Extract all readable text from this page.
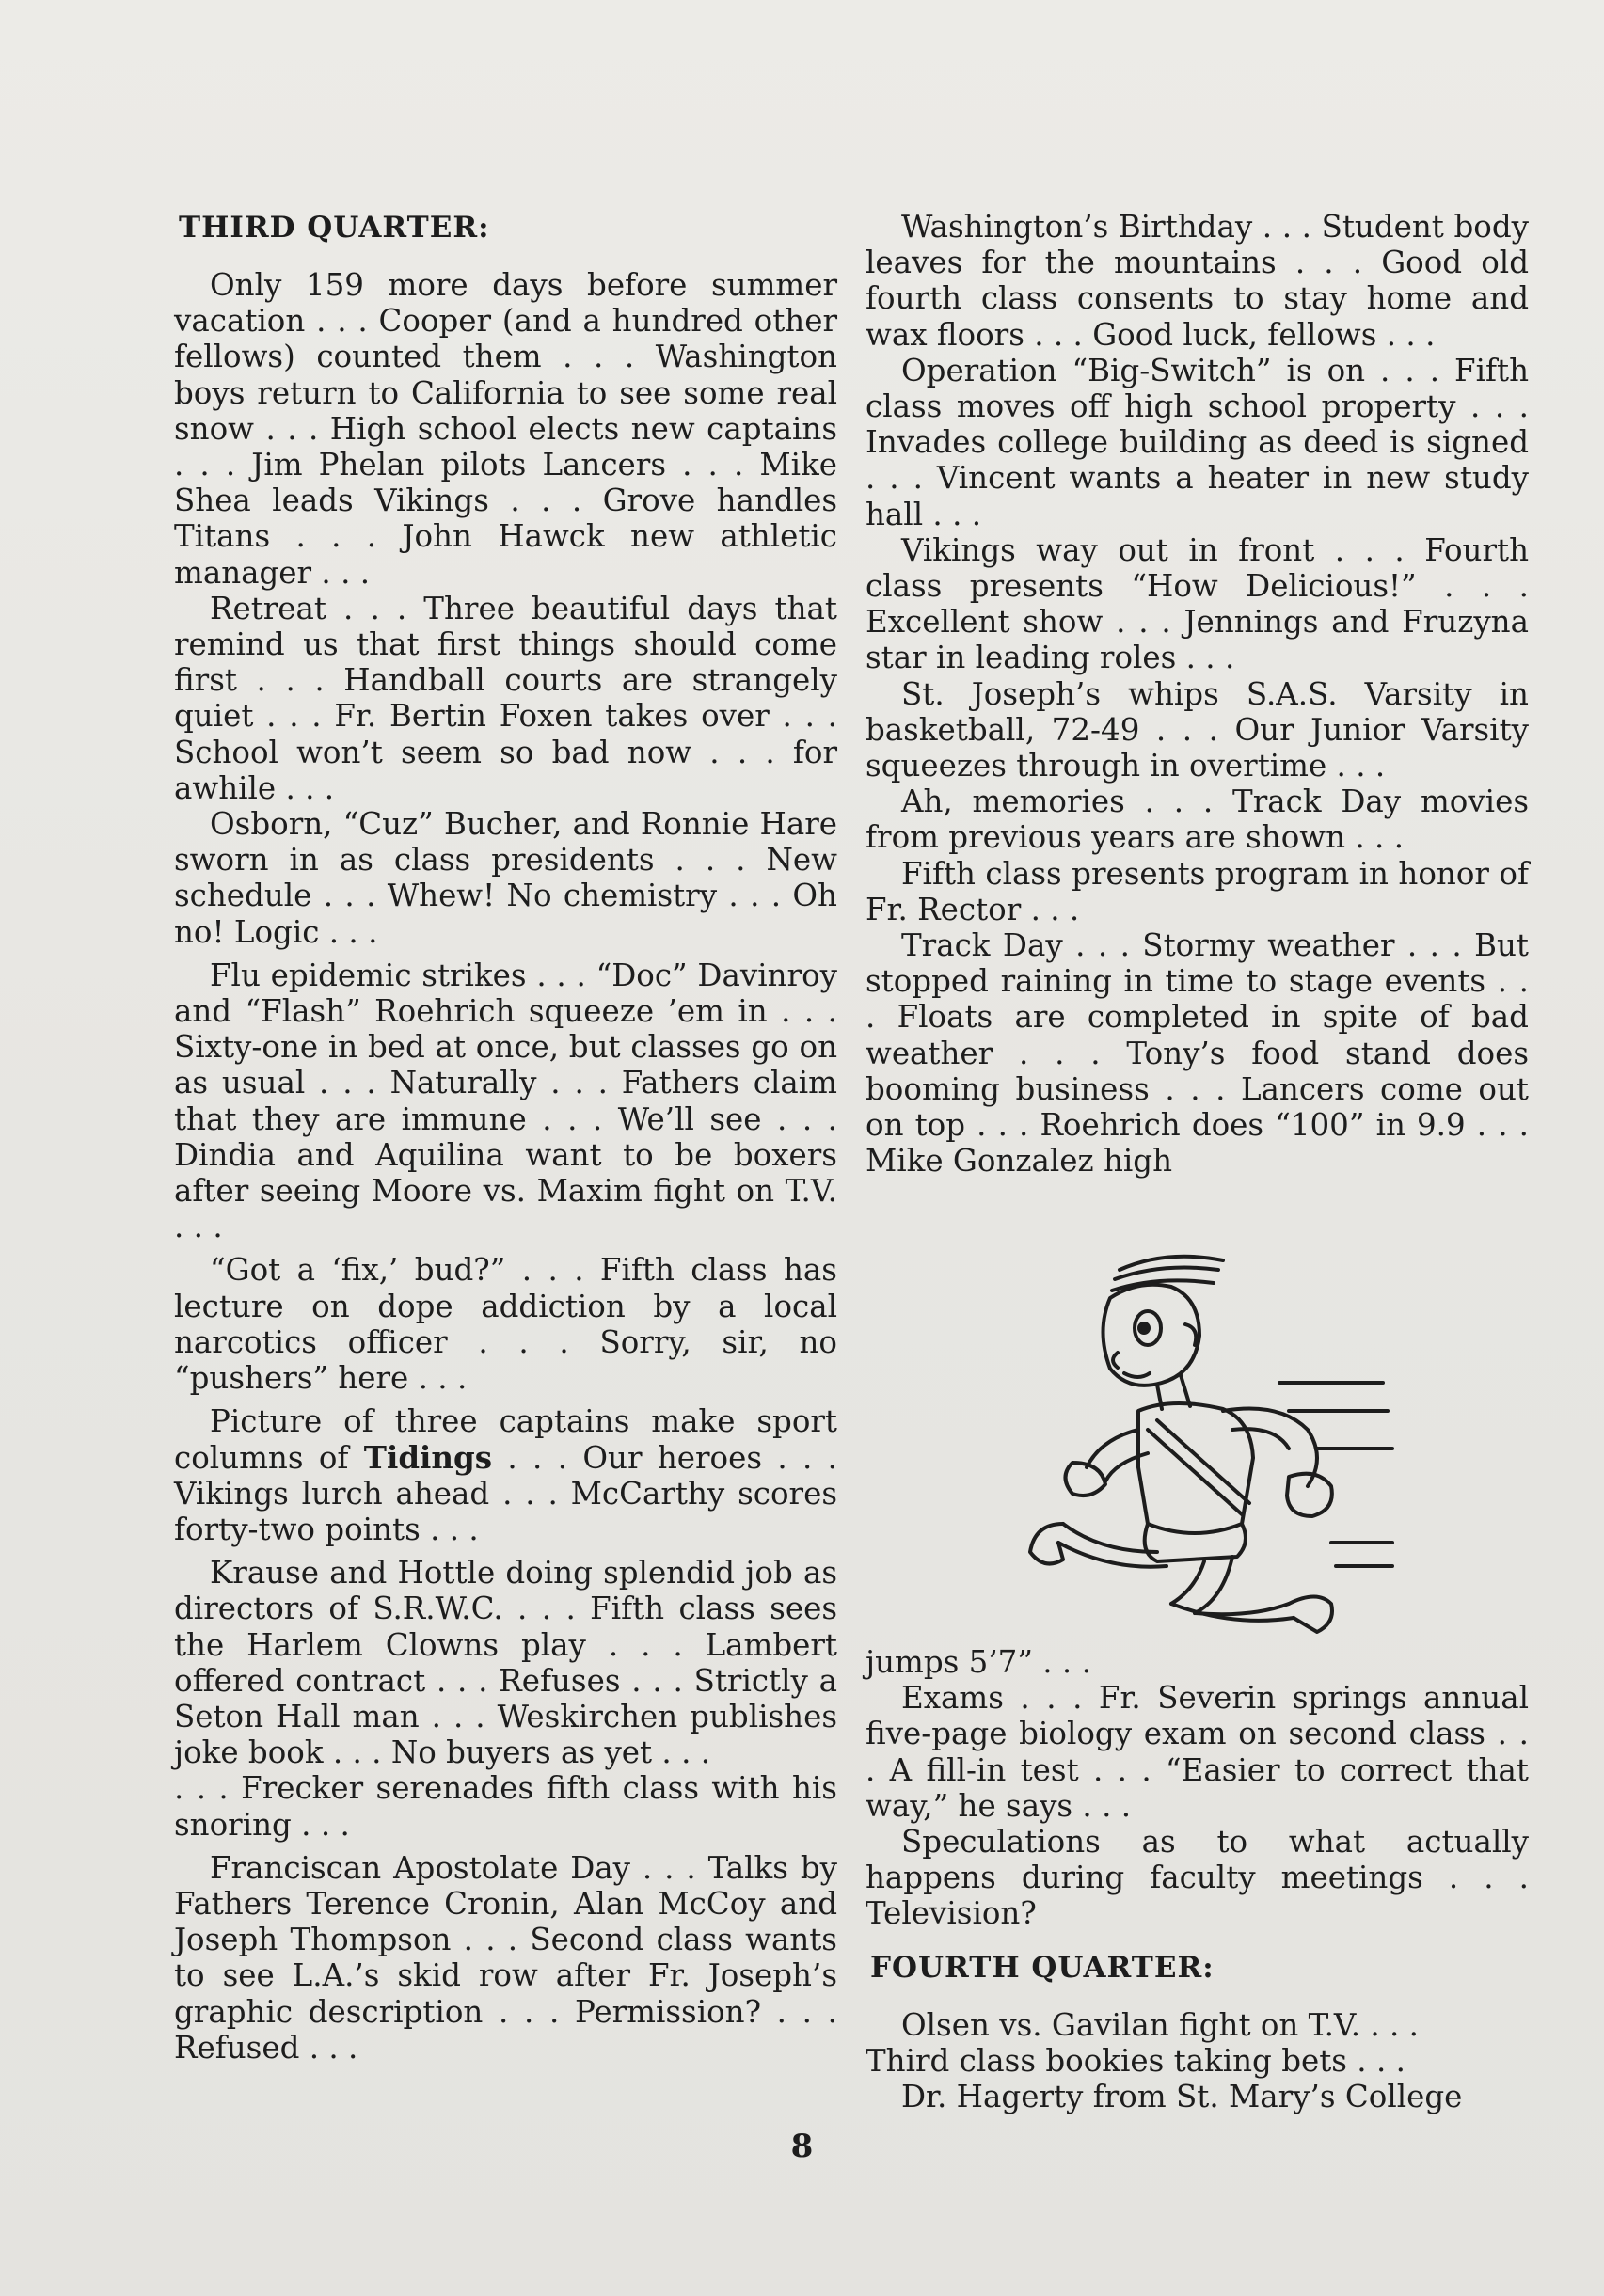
THIRD QUARTER:

Only 159 more days before summer vacation . . . Cooper (and a hundred other fellows) counted them . . . Washington boys return to California to see some real snow . . . High school elects new captains . . . Jim Phelan pilots Lancers . . . Mike Shea leads Vikings . . . Grove handles Titans . . . John Hawck new athletic manager . . .

Retreat . . . Three beautiful days that remind us that first things should come first . . . Handball courts are strangely quiet . . . Fr. Bertin Foxen takes over . . . School won’t seem so bad now . . . for awhile . . .

Osborn, “Cuz” Bucher, and Ronnie Hare sworn in as class presidents . . . New schedule . . . Whew! No chemistry . . . Oh no! Logic . . .

Flu epidemic strikes . . . “Doc” Davinroy and “Flash” Roehrich squeeze ’em in . . . Sixty-one in bed at once, but classes go on as usual . . . Naturally . . . Fathers claim that they are immune . . . We’ll see . . . Dindia and Aquilina want to be boxers after seeing Moore vs. Maxim fight on T.V. . . .

“Got a ‘fix,’ bud?” . . . Fifth class has lecture on dope addiction by a local narcotics officer . . . Sorry, sir, no “pushers” here . . .

Picture of three captains make sport columns of Tidings . . . Our heroes . . . Vikings lurch ahead . . . McCarthy scores forty-two points . . .

Krause and Hottle doing splendid job as directors of S.R.W.C. . . . Fifth class sees the Harlem Clowns play . . . Lambert offered contract . . . Refuses . . . Strictly a Seton Hall man . . . Weskirchen publishes joke book . . . No buyers as yet . . .

. . . Frecker serenades fifth class with his snoring . . .

Franciscan Apostolate Day . . . Talks by Fathers Terence Cronin, Alan McCoy and Joseph Thompson . . . Second class wants to see L.A.’s skid row after Fr. Joseph’s graphic description . . . Permission? . . . Refused . . .

Washington’s Birthday . . . Student body leaves for the mountains . . . Good old fourth class consents to stay home and wax floors . . . Good luck, fellows . . .

Operation “Big-Switch” is on . . . Fifth class moves off high school property . . . Invades college building as deed is signed . . . Vincent wants a heater in new study hall . . .

Vikings way out in front . . . Fourth class presents “How Delicious!” . . . Excellent show . . . Jennings and Fruzyna star in leading roles . . .

St. Joseph’s whips S.A.S. Varsity in basketball, 72-49 . . . Our Junior Varsity squeezes through in overtime . . .

Ah, memories . . . Track Day movies from previous years are shown . . .

Fifth class presents program in honor of Fr. Rector . . .

Track Day . . . Stormy weather . . . But stopped raining in time to stage events . . . Floats are completed in spite of bad weather . . . Tony’s food stand does booming business . . . Lancers come out on top . . . Roehrich does “100” in 9.9 . . . Mike Gonzalez high

jumps 5’7” . . .

Exams . . . Fr. Severin springs annual five-page biology exam on second class . . . A fill-in test . . . “Easier to correct that way,” he says . . .

Speculations as to what actually happens during faculty meetings . . . Television?

FOURTH QUARTER:

Olsen vs. Gavilan fight on T.V. . . .

Third class bookies taking bets . . .

Dr. Hagerty from St. Mary’s College

8
